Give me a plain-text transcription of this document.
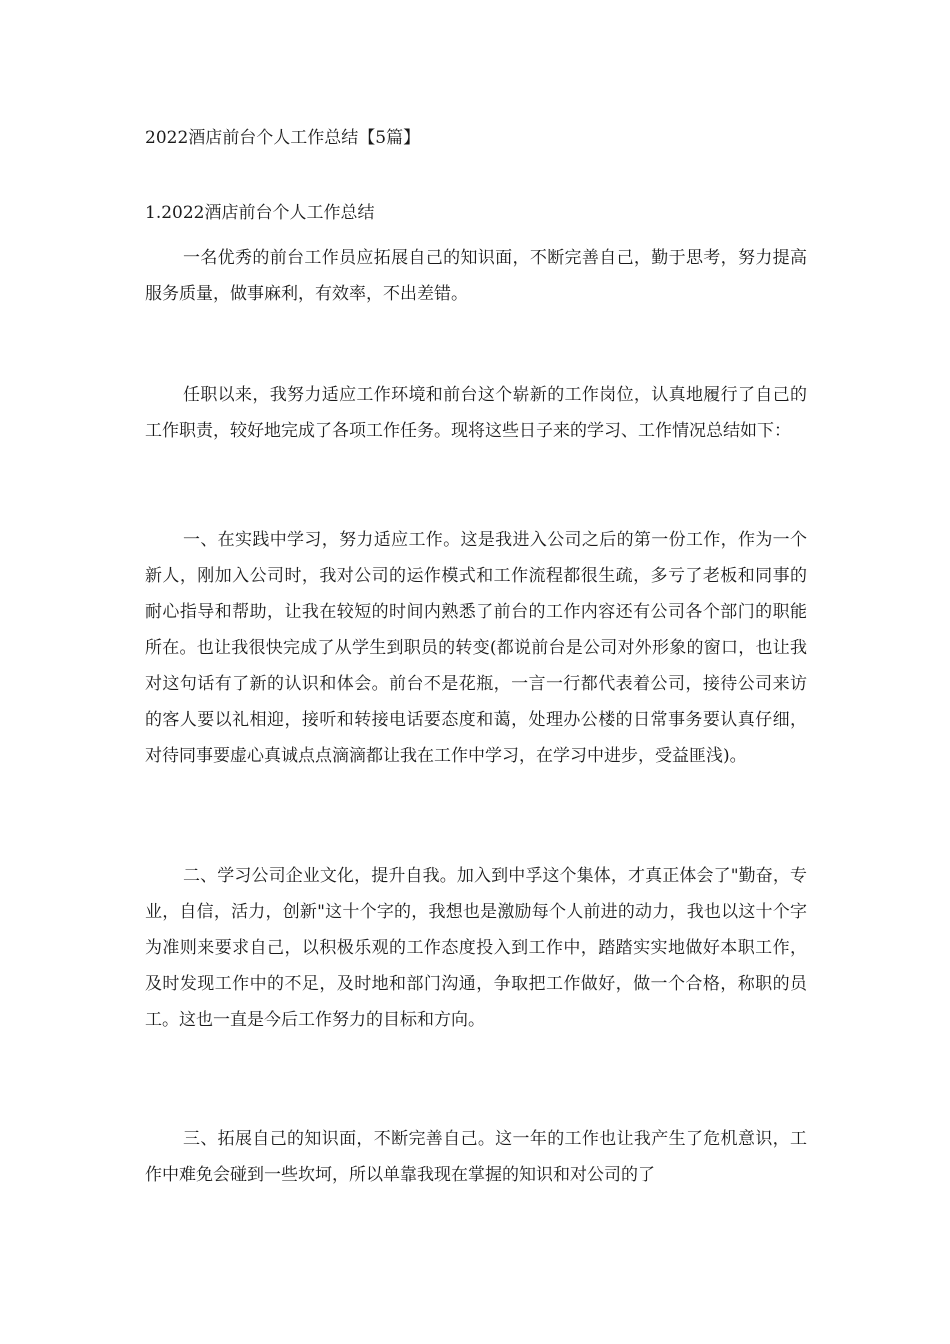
2022酒店前台个人工作总结【5篇】
1.2022酒店前台个人工作总结

一名优秀的前台工作员应拓展自己的知识面，不断完善自己，勤于思考，努力提高服务质量，做事麻利，有效率，不出差错。

任职以来，我努力适应工作环境和前台这个崭新的工作岗位，认真地履行了自己的工作职责，较好地完成了各项工作任务。现将这些日子来的学习、工作情况总结如下：

一、在实践中学习，努力适应工作。这是我进入公司之后的第一份工作，作为一个新人，刚加入公司时，我对公司的运作模式和工作流程都很生疏，多亏了老板和同事的耐心指导和帮助，让我在较短的时间内熟悉了前台的工作内容还有公司各个部门的职能所在。也让我很快完成了从学生到职员的转变(都说前台是公司对外形象的窗口，也让我对这句话有了新的认识和体会。前台不是花瓶，一言一行都代表着公司，接待公司来访的客人要以礼相迎，接听和转接电话要态度和蔼，处理办公楼的日常事务要认真仔细，对待同事要虚心真诚点点滴滴都让我在工作中学习，在学习中进步，受益匪浅)。

二、学习公司企业文化，提升自我。加入到中孚这个集体，才真正体会了"勤奋，专业，自信，活力，创新"这十个字的，我想也是激励每个人前进的动力，我也以这十个字为准则来要求自己，以积极乐观的工作态度投入到工作中，踏踏实实地做好本职工作，及时发现工作中的不足，及时地和部门沟通，争取把工作做好，做一个合格，称职的员工。这也一直是今后工作努力的目标和方向。

三、拓展自己的知识面，不断完善自己。这一年的工作也让我产生了危机意识，工作中难免会碰到一些坎坷，所以单靠我现在掌握的知识和对公司的了
